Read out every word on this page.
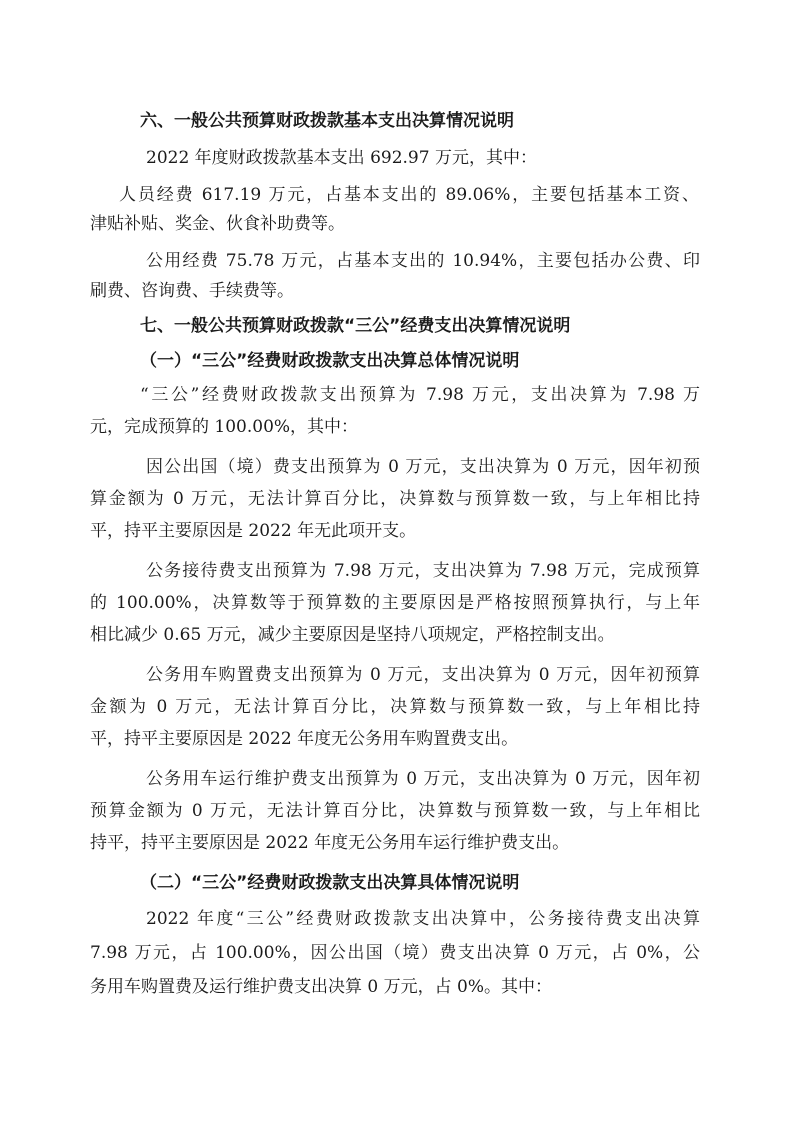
六、一般公共预算财政拨款基本支出决算情况说明
2022 年度财政拨款基本支出 692.97 万元，其中：
人员经费 617.19 万元，占基本支出的 89.06%，主要包括基本工资、
津贴补贴、奖金、伙食补助费等。
公用经费 75.78 万元，占基本支出的 10.94%，主要包括办公费、印
刷费、咨询费、手续费等。
七、一般公共预算财政拨款“三公”经费支出决算情况说明
（一）“三公”经费财政拨款支出决算总体情况说明
“三公”经费财政拨款支出预算为 7.98 万元，支出决算为 7.98 万
元，完成预算的 100.00%，其中：
因公出国（境）费支出预算为 0 万元，支出决算为 0 万元，因年初预
算金额为 0 万元，无法计算百分比，决算数与预算数一致，与上年相比持
平，持平主要原因是 2022 年无此项开支。
公务接待费支出预算为 7.98 万元，支出决算为 7.98 万元，完成预算
的 100.00%，决算数等于预算数的主要原因是严格按照预算执行，与上年
相比减少 0.65 万元，减少主要原因是坚持八项规定，严格控制支出。
公务用车购置费支出预算为 0 万元，支出决算为 0 万元，因年初预算
金额为 0 万元，无法计算百分比，决算数与预算数一致，与上年相比持
平，持平主要原因是 2022 年度无公务用车购置费支出。
公务用车运行维护费支出预算为 0 万元，支出决算为 0 万元，因年初
预算金额为 0 万元，无法计算百分比，决算数与预算数一致，与上年相比
持平，持平主要原因是 2022 年度无公务用车运行维护费支出。
（二）“三公”经费财政拨款支出决算具体情况说明
2022 年度“三公”经费财政拨款支出决算中，公务接待费支出决算
7.98 万元，占 100.00%，因公出国（境）费支出决算 0 万元，占 0%，公
务用车购置费及运行维护费支出决算 0 万元，占 0%。其中：
